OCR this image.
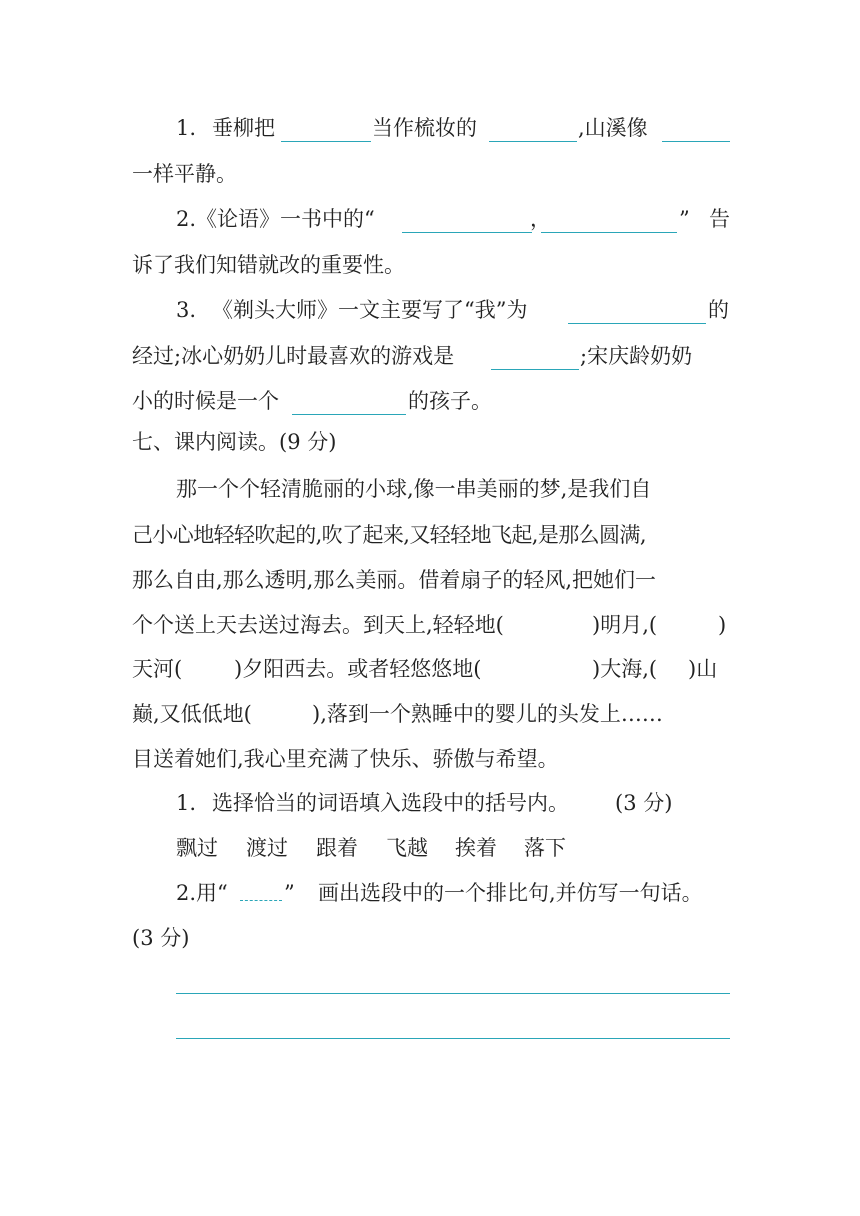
1. 垂柳把	当作梳妆的	,山溪像
一样平静。
2.《论语》一书中的“	，	” 告
诉了我们知错就改的重要性。
3. 《剃头大师》一文主要写了“我”为	的
经过;冰心奶奶儿时最喜欢的游戏是	;宋庆龄奶奶
小的时候是一个	的孩子。
七、课内阅读。(9 分)
那一个个轻清脆丽的小球,像一串美丽的梦,是我们自
己小心地轻轻吹起的,吹了起来,又轻轻地飞起,是那么圆满,
那么自由,那么透明,那么美丽。借着扇子的轻风,把她们一
个个送上天去送过海去。到天上,轻轻地(	)明月,(	)
天河( )夕阳西去。或者轻悠悠地(	)大海,( )山
巅,又低低地(	),落到一个熟睡中的婴儿的头发上……
目送着她们,我心里充满了快乐、骄傲与希望。
1. 选择恰当的词语填入选段中的括号内。 (3 分)
飘过 渡过 跟着 飞越 挨着 落下
2.用“	” 画出选段中的一个排比句,并仿写一句话。
(3 分)
